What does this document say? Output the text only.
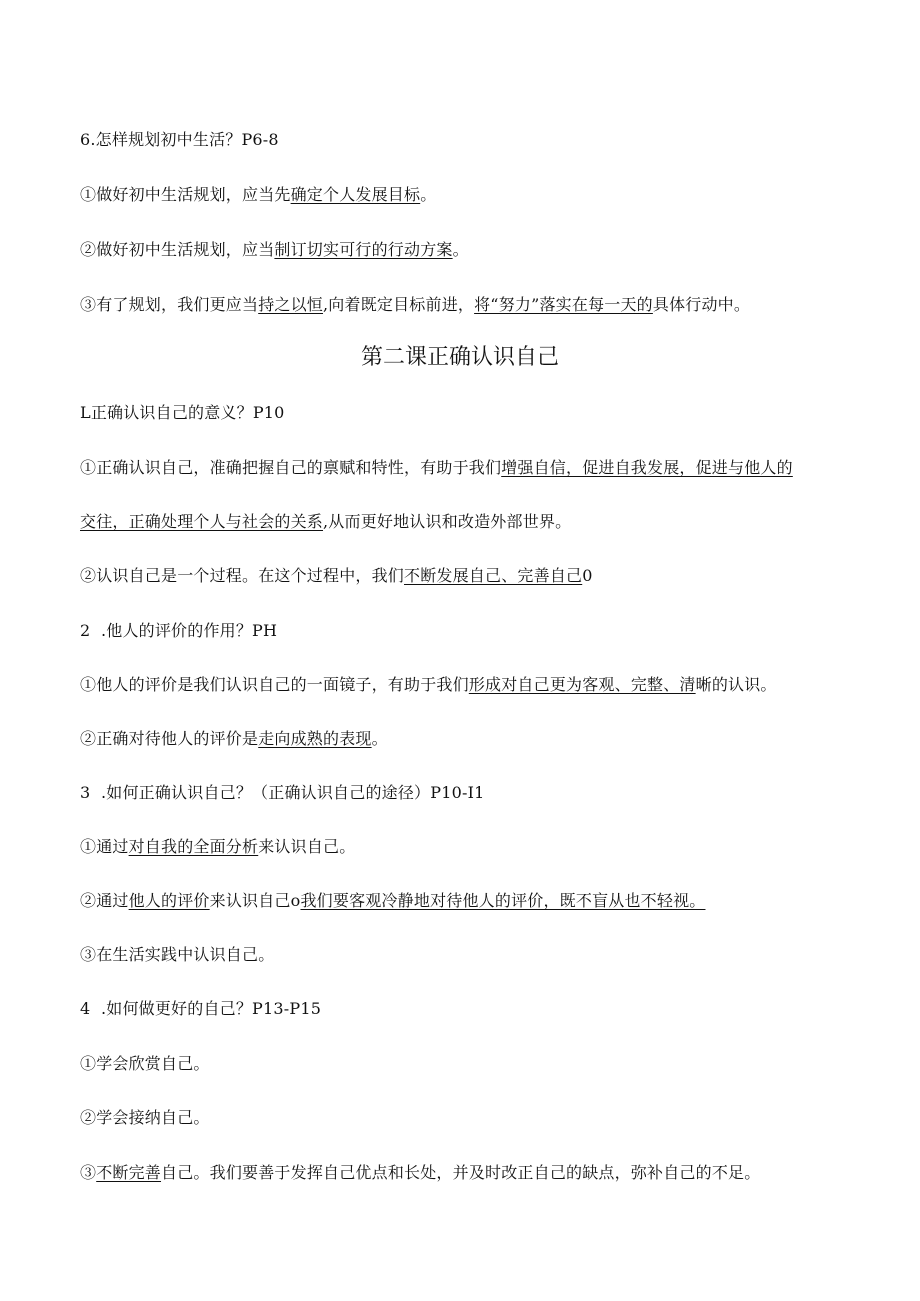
6.怎样规划初中生活？P6-8
①做好初中生活规划，应当先确定个人发展目标。
②做好初中生活规划，应当制订切实可行的行动方案。
③有了规划，我们更应当持之以恒,向着既定目标前进，将“努力”落实在每一天的具体行动中。
第二课正确认识自己
L正确认识自己的意义？P10
①正确认识自己，准确把握自己的禀赋和特性，有助于我们增强自信，促进自我发展，促进与他人的
交往，正确处理个人与社会的关系,从而更好地认识和改造外部世界。
②认识自己是一个过程。在这个过程中，我们不断发展自己、完善自己0
2  .他人的评价的作用？PH
①他人的评价是我们认识自己的一面镜子，有助于我们形成对自己更为客观、完整、清晰的认识。
②正确对待他人的评价是走向成熟的表现。
3  .如何正确认识自己？（正确认识自己的途径）P10-I1
①通过对自我的全面分析来认识自己。
②通过他人的评价来认识自己o我们要客观冷静地对待他人的评价，既不盲从也不轻视。
③在生活实践中认识自己。
4  .如何做更好的自己？P13-P15
①学会欣赏自己。
②学会接纳自己。
③不断完善自己。我们要善于发挥自己优点和长处，并及时改正自己的缺点，弥补自己的不足。
